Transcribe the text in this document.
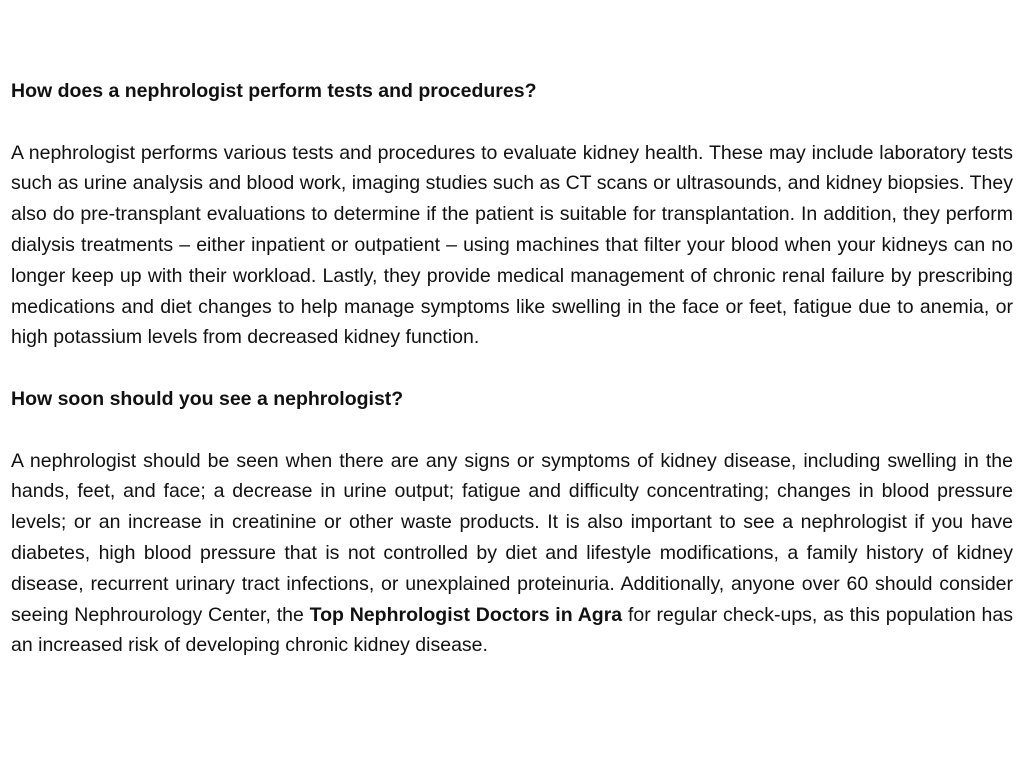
How does a nephrologist perform tests and procedures?

A nephrologist performs various tests and procedures to evaluate kidney health. These may include laboratory tests such as urine analysis and blood work, imaging studies such as CT scans or ultrasounds, and kidney biopsies. They also do pre-transplant evaluations to determine if the patient is suitable for transplantation. In addition, they perform dialysis treatments – either inpatient or outpatient – using machines that filter your blood when your kidneys can no longer keep up with their workload. Lastly, they provide medical management of chronic renal failure by prescribing medications and diet changes to help manage symptoms like swelling in the face or feet, fatigue due to anemia, or high potassium levels from decreased kidney function.

How soon should you see a nephrologist?

A nephrologist should be seen when there are any signs or symptoms of kidney disease, including swelling in the hands, feet, and face; a decrease in urine output; fatigue and difficulty concentrating; changes in blood pressure levels; or an increase in creatinine or other waste products. It is also important to see a nephrologist if you have diabetes, high blood pressure that is not controlled by diet and lifestyle modifications, a family history of kidney disease, recurrent urinary tract infections, or unexplained proteinuria. Additionally, anyone over 60 should consider seeing Nephrourology Center, the Top Nephrologist Doctors in Agra for regular check-ups, as this population has an increased risk of developing chronic kidney disease.
